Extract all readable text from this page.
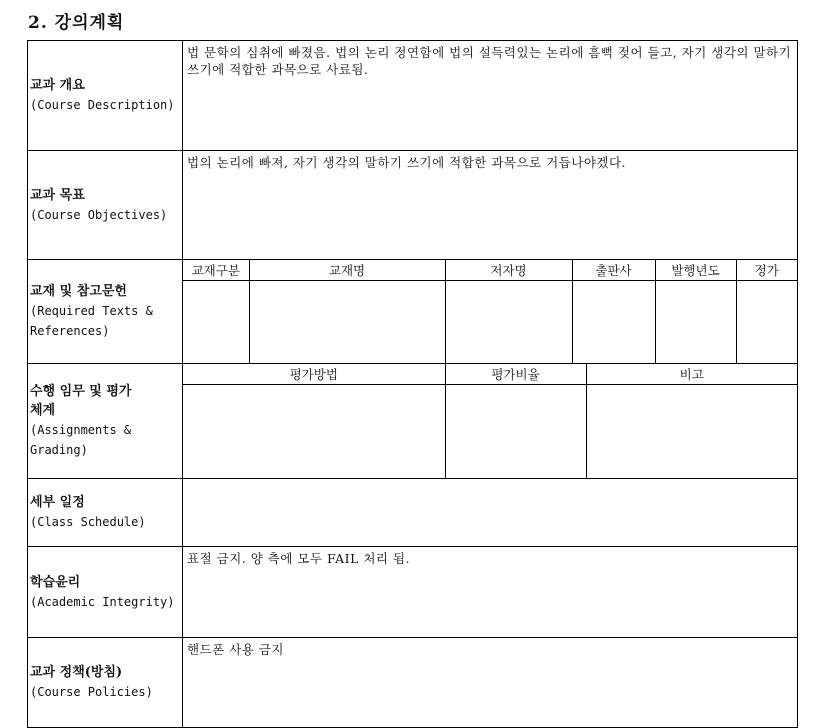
2. 강의계획
교과 개요
(Course Description)

법 문학의 심취에 빠졌음. 법의 논리 정연함에 법의 설득력있는 논리에 흠뻑 젖어 들고, 자기 생각의 말하기 쓰기에 적합한 과목으로 사료됨.

교과 목표
(Course Objectives)

법의 논리에 빠져, 자기 생각의 말하기 쓰기에 적합한 과목으로 거듭나야겠다.

교재 및 참고문헌
(Required Texts &
References)

교재구분	교재명	저자명	출판사	발행년도	정가

수행 임무 및 평가
체계
(Assignments &
Grading)

평가방법	평가비율	비고

세부 일정
(Class Schedule)

학습윤리
(Academic Integrity)

표절 금지. 양 측에 모두 FAIL 처리 됨.

교과 정책(방침)
(Course Policies)

핸드폰 사용 금지
